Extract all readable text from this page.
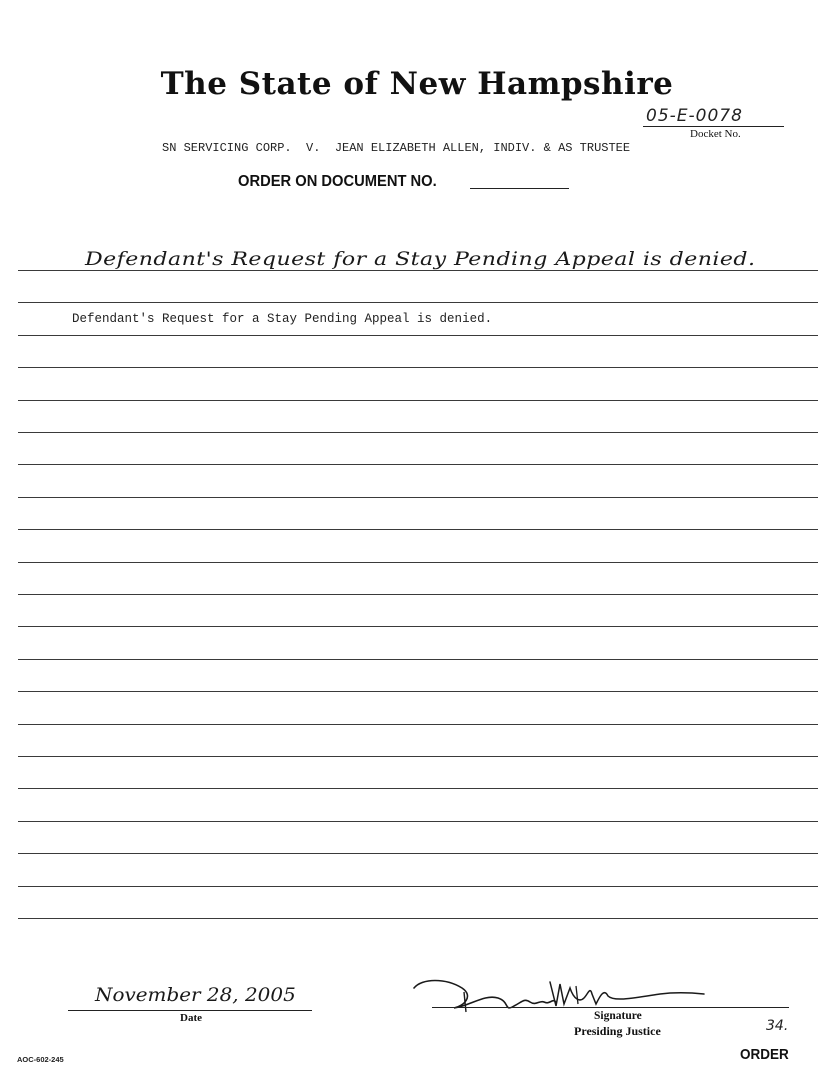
The State of New Hampshire
05-E-0078
Docket No.
SN SERVICING CORP.  V.  JEAN ELIZABETH ALLEN, INDIV. & AS TRUSTEE
ORDER ON DOCUMENT NO.
Defendant's Request for a Stay Pending Appeal is denied.
Defendant's Request for a Stay Pending Appeal is denied.
November 28, 2005
Date	Signature
Presiding Justice	34.
AOC-602-245	ORDER
